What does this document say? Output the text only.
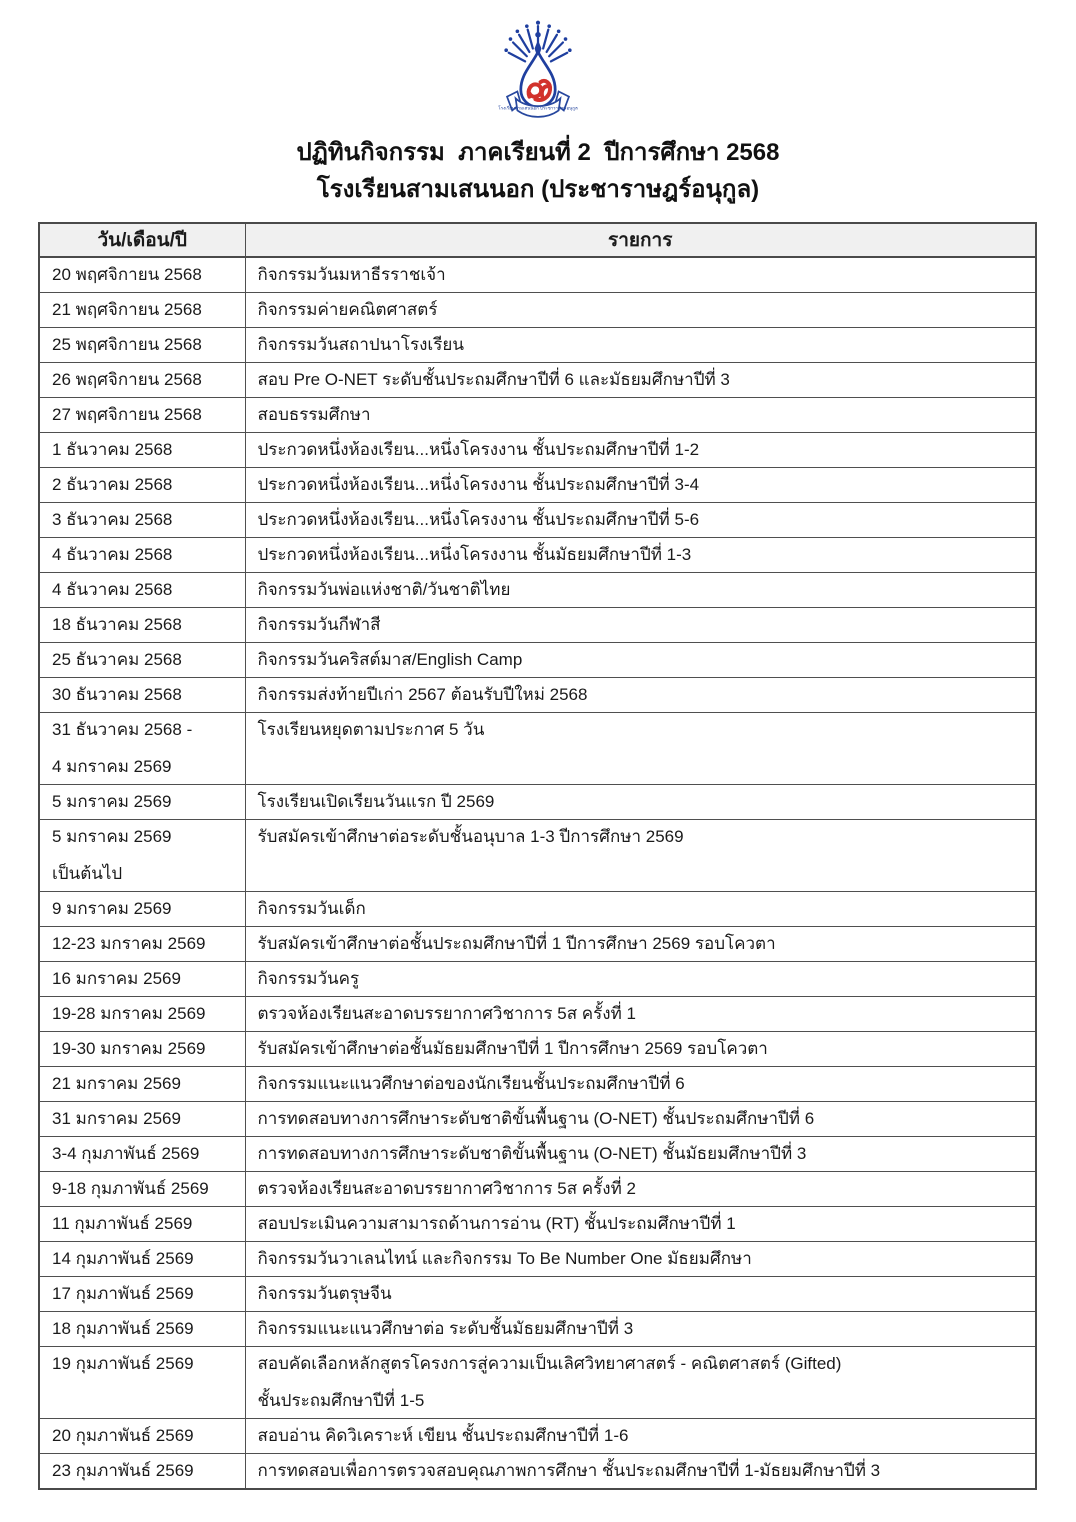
โรงเรียนสามเสนนอก ประชาราษฎร์อนุกูล
ปฏิทินกิจกรรม  ภาคเรียนที่ 2  ปีการศึกษา 2568
โรงเรียนสามเสนนอก (ประชาราษฎร์อนุกูล)
วัน/เดือน/ปี	รายการ

20 พฤศจิกายน 2568	กิจกรรมวันมหาธีรราชเจ้า

21 พฤศจิกายน 2568	กิจกรรมค่ายคณิตศาสตร์

25 พฤศจิกายน 2568	กิจกรรมวันสถาปนาโรงเรียน

26 พฤศจิกายน 2568	สอบ Pre O-NET ระดับชั้นประถมศึกษาปีที่ 6 และมัธยมศึกษาปีที่ 3

27 พฤศจิกายน 2568	สอบธรรมศึกษา

1 ธันวาคม 2568	ประกวดหนึ่งห้องเรียน...หนึ่งโครงงาน ชั้นประถมศึกษาปีที่ 1-2

2 ธันวาคม 2568	ประกวดหนึ่งห้องเรียน...หนึ่งโครงงาน ชั้นประถมศึกษาปีที่ 3-4

3 ธันวาคม 2568	ประกวดหนึ่งห้องเรียน...หนึ่งโครงงาน ชั้นประถมศึกษาปีที่ 5-6

4 ธันวาคม 2568	ประกวดหนึ่งห้องเรียน...หนึ่งโครงงาน ชั้นมัธยมศึกษาปีที่ 1-3

4 ธันวาคม 2568	กิจกรรมวันพ่อแห่งชาติ/วันชาติไทย

18 ธันวาคม 2568	กิจกรรมวันกีฬาสี

25 ธันวาคม 2568	กิจกรรมวันคริสต์มาส/English Camp

30 ธันวาคม 2568	กิจกรรมส่งท้ายปีเก่า 2567 ต้อนรับปีใหม่ 2568

31 ธันวาคม 2568 -
4 มกราคม 2569	โรงเรียนหยุดตามประกาศ 5 วัน

5 มกราคม 2569	โรงเรียนเปิดเรียนวันแรก ปี 2569

5 มกราคม 2569
เป็นต้นไป	รับสมัครเข้าศึกษาต่อระดับชั้นอนุบาล 1-3 ปีการศึกษา 2569

9 มกราคม 2569	กิจกรรมวันเด็ก

12-23 มกราคม 2569	รับสมัครเข้าศึกษาต่อชั้นประถมศึกษาปีที่ 1 ปีการศึกษา 2569 รอบโควตา

16 มกราคม 2569	กิจกรรมวันครู

19-28 มกราคม 2569	ตรวจห้องเรียนสะอาดบรรยากาศวิชาการ 5ส ครั้งที่ 1

19-30 มกราคม 2569	รับสมัครเข้าศึกษาต่อชั้นมัธยมศึกษาปีที่ 1 ปีการศึกษา 2569 รอบโควตา

21 มกราคม 2569	กิจกรรมแนะแนวศึกษาต่อของนักเรียนชั้นประถมศึกษาปีที่ 6

31 มกราคม 2569	การทดสอบทางการศึกษาระดับชาติขั้นพื้นฐาน (O-NET) ชั้นประถมศึกษาปีที่ 6

3-4 กุมภาพันธ์ 2569	การทดสอบทางการศึกษาระดับชาติขั้นพื้นฐาน (O-NET) ชั้นมัธยมศึกษาปีที่ 3

9-18 กุมภาพันธ์ 2569	ตรวจห้องเรียนสะอาดบรรยากาศวิชาการ 5ส ครั้งที่ 2

11 กุมภาพันธ์ 2569	สอบประเมินความสามารถด้านการอ่าน (RT) ชั้นประถมศึกษาปีที่ 1

14 กุมภาพันธ์ 2569	กิจกรรมวันวาเลนไทน์ และกิจกรรม To Be Number One มัธยมศึกษา

17 กุมภาพันธ์ 2569	กิจกรรมวันตรุษจีน

18 กุมภาพันธ์ 2569	กิจกรรมแนะแนวศึกษาต่อ ระดับชั้นมัธยมศึกษาปีที่ 3

19 กุมภาพันธ์ 2569	สอบคัดเลือกหลักสูตรโครงการสู่ความเป็นเลิศวิทยาศาสตร์ - คณิตศาสตร์ (Gifted)
ชั้นประถมศึกษาปีที่ 1-5

20 กุมภาพันธ์ 2569	สอบอ่าน คิดวิเคราะห์ เขียน ชั้นประถมศึกษาปีที่ 1-6

23 กุมภาพันธ์ 2569	การทดสอบเพื่อการตรวจสอบคุณภาพการศึกษา ชั้นประถมศึกษาปีที่ 1-มัธยมศึกษาปีที่ 3
